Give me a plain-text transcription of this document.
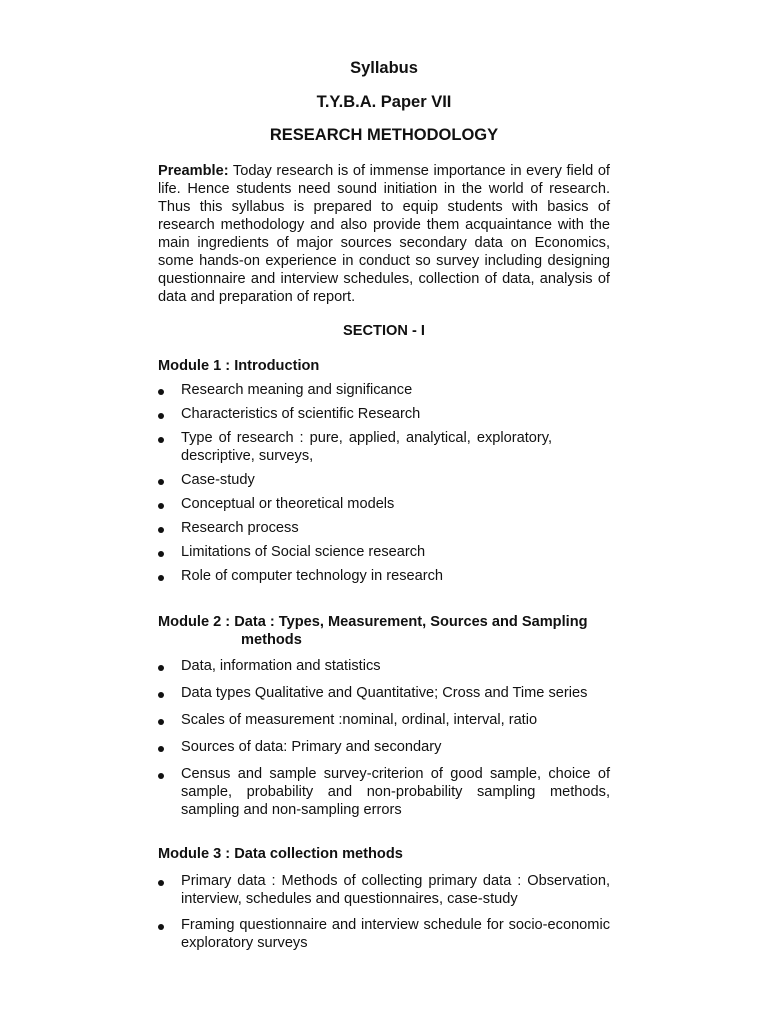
Syllabus
T.Y.B.A. Paper VII
RESEARCH METHODOLOGY

Preamble: Today research is of immense importance in every field of life. Hence students need sound initiation in the world of research. Thus this syllabus is prepared to equip students with basics of research methodology and also provide them acquaintance with the main ingredients of major sources secondary data on Economics, some hands-on experience in conduct so survey including designing questionnaire and interview schedules, collection of data, analysis of data and preparation of report.

SECTION - I
Module 1 : Introduction
Research meaning and significance
Characteristics of scientific Research
Type of research : pure, applied, analytical, exploratory, descriptive, surveys,
Case-study
Conceptual or theoretical models
Research process
Limitations of Social science research
Role of computer technology in research
Module 2 : Data : Types, Measurement, Sources and Sampling
methods
Data, information and statistics
Data types Qualitative and Quantitative; Cross and Time series
Scales of measurement :nominal, ordinal, interval, ratio
Sources of data: Primary and secondary
Census and sample survey-criterion of good sample, choice of sample, probability and non-probability sampling methods, sampling and non-sampling errors
Module 3 : Data collection methods
Primary data : Methods of collecting primary data : Observation, interview, schedules and questionnaires, case-study
Framing questionnaire and interview schedule for socio-economic exploratory surveys
